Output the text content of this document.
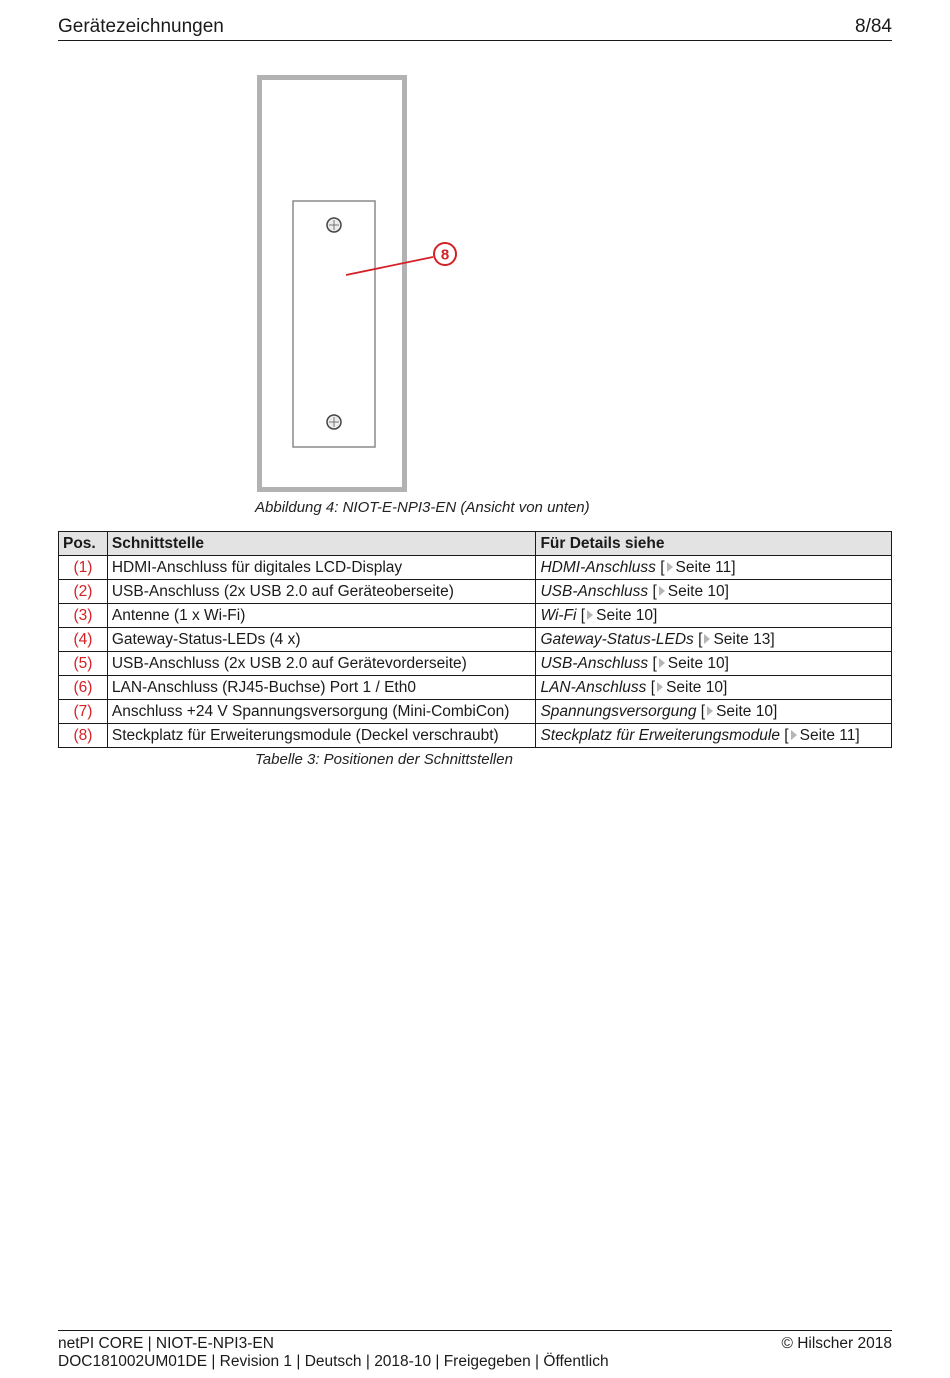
Gerätezeichnungen	8/84
8
Abbildung 4: NIOT-E-NPI3-EN (Ansicht von unten)
Pos.	Schnittstelle	Für Details siehe
(1)	HDMI-Anschluss für digitales LCD-Display	HDMI-Anschluss [ Seite 11]
(2)	USB-Anschluss (2x USB 2.0 auf Geräteoberseite)	USB-Anschluss [ Seite 10]
(3)	Antenne (1 x Wi-Fi)	Wi-Fi [ Seite 10]
(4)	Gateway-Status-LEDs (4 x)	Gateway-Status-LEDs [ Seite 13]
(5)	USB-Anschluss (2x USB 2.0 auf Gerätevorderseite)	USB-Anschluss [ Seite 10]
(6)	LAN-Anschluss (RJ45-Buchse) Port 1 / Eth0	LAN-Anschluss [ Seite 10]
(7)	Anschluss +24 V Spannungsversorgung (Mini-CombiCon)	Spannungsversorgung [ Seite 10]
(8)	Steckplatz für Erweiterungsmodule (Deckel verschraubt)	Steckplatz für Erweiterungsmodule [ Seite 11]
Tabelle 3: Positionen der Schnittstellen
netPI CORE | NIOT-E-NPI3-EN
DOC181002UM01DE | Revision 1 | Deutsch | 2018-10 | Freigegeben | Öffentlich
© Hilscher 2018
